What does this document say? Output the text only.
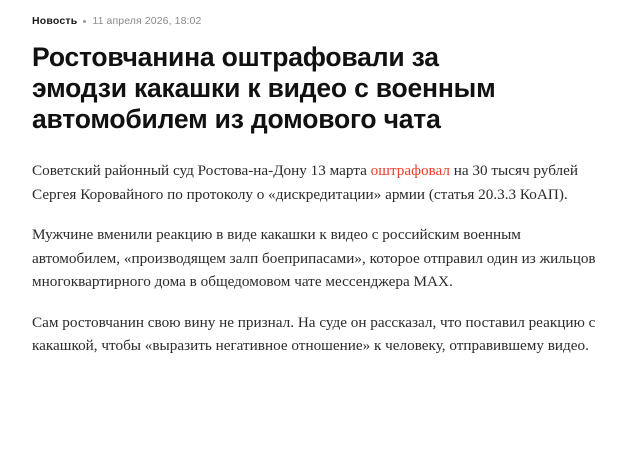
Новость 11 апреля 2026, 18:02
Ростовчанина оштрафовали за эмодзи какашки к видео с военным автомобилем из домового чата

Советский районный суд Ростова-на-Дону 13 марта оштрафовал на 30 тысяч рублей Сергея Коровайного по протоколу о «дискредитации» армии (статья 20.3.3 КоАП).

Мужчине вменили реакцию в виде какашки к видео с российским военным автомобилем, «производящем залп боеприпасами», которое отправил один из жильцов многоквартирного дома в общедомовом чате мессенджера MAX.

Сам ростовчанин свою вину не признал. На суде он рассказал, что поставил реакцию с какашкой, чтобы «выразить негативное отношение» к человеку, отправившему видео.
